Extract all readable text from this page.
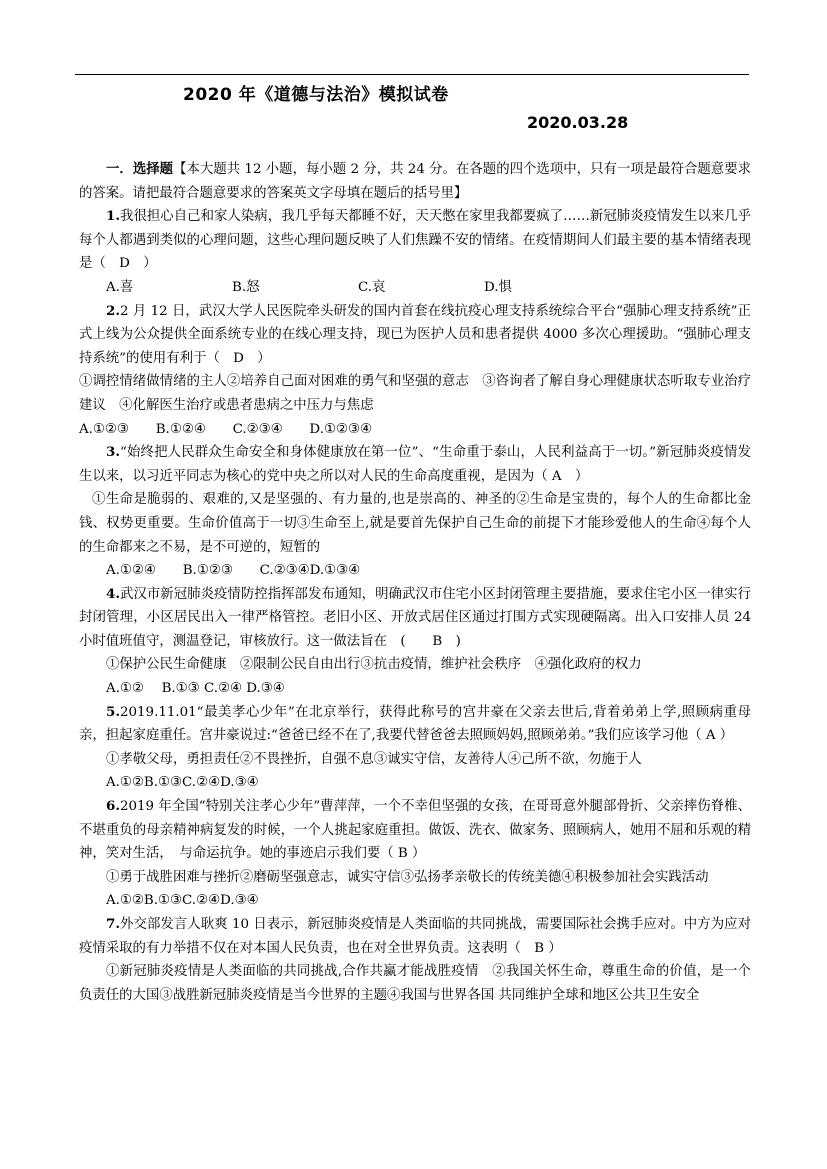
2020 年《道德与法治》模拟试卷
2020.03.28

一．选择题【本大题共 12 小题，每小题 2 分，共 24 分。在各题的四个选项中，只有一项是最符合题意要求的答案。请把最符合题意要求的答案英文字母填在题后的括号里】

1.我很担心自己和家人染病，我几乎每天都睡不好，天天憋在家里我都要疯了……新冠肺炎疫情发生以来几乎每个人都遇到类似的心理问题，这些心理问题反映了人们焦躁不安的情绪。在疫情期间人们最主要的基本情绪表现是（　D　）

A.喜	B.怒	C.哀	D.惧

2.2 月 12 日，武汉大学人民医院牵头研发的国内首套在线抗疫心理支持系统综合平台“强肺心理支持系统”正式上线为公众提供全面系统专业的在线心理支持，现已为医护人员和患者提供 4000 多次心理援助。“强肺心理支持系统”的使用有利于（　D　）

①调控情绪做情绪的主人②培养自己面对困难的勇气和坚强的意志　③咨询者了解自身心理健康状态听取专业治疗建议　④化解医生治疗或患者患病之中压力与焦虑

A.①②③　　B.①②④　　C.②③④　　D.①②③④

3.“始终把人民群众生命安全和身体健康放在第一位”、“生命重于泰山，人民利益高于一切。”新冠肺炎疫情发生以来，以习近平同志为核心的党中央之所以对人民的生命高度重视，是因为（ A　）

①生命是脆弱的、艰难的,又是坚强的、有力量的,也是崇高的、神圣的②生命是宝贵的，每个人的生命都比金钱、权势更重要。生命价值高于一切③生命至上,就是要首先保护自己生命的前提下才能珍爱他人的生命④每个人的生命都来之不易，是不可逆的，短暂的

A.①②④　　B.①②③　　C.②③④D.①③④

4.武汉市新冠肺炎疫情防控指挥部发布通知，明确武汉市住宅小区封闭管理主要措施，要求住宅小区一律实行封闭管理，小区居民出入一律严格管控。老旧小区、开放式居住区通过打围方式实现硬隔离。出入口安排人员 24 小时值班值守，测温登记，审核放行。这一做法旨在　(　　B　)

①保护公民生命健康　②限制公民自由出行③抗击疫情，维护社会秩序　④强化政府的权力

A.①②　 B.①③ C.②④ D.③④

5.2019.11.01“最美孝心少年”在北京举行，获得此称号的宫井豪在父亲去世后,背着弟弟上学,照顾病重母亲，担起家庭重任。宫井豪说过:“爸爸已经不在了,我要代替爸爸去照顾妈妈,照顾弟弟。”我们应该学习他（ A ）

①孝敬父母，勇担责任②不畏挫折，自强不息③诚实守信，友善待人④己所不欲，勿施于人

A.①②B.①③C.②④D.③④

6.2019 年全国“特别关注孝心少年”曹萍萍，一个不幸但坚强的女孩，在哥哥意外腿部骨折、父亲摔伤脊椎、不堪重负的母亲精神病复发的时候，一个人挑起家庭重担。做饭、洗衣、做家务、照顾病人，她用不屈和乐观的精神，笑对生活，　与命运抗争。她的事迹启示我们要（ B ）

①勇于战胜困难与挫折②磨砺坚强意志，诚实守信③弘扬孝亲敬长的传统美德④积极参加社会实践活动

A.①②B.①③C.②④D.③④

7.外交部发言人耿爽 10 日表示，新冠肺炎疫情是人类面临的共同挑战，需要国际社会携手应对。中方为应对疫情采取的有力举措不仅在对本国人民负责，也在对全世界负责。这表明（　B ）

①新冠肺炎疫情是人类面临的共同挑战,合作共赢才能战胜疫情　②我国关怀生命，尊重生命的价值，是一个负责任的大国③战胜新冠肺炎疫情是当今世界的主题④我国与世界各国 共同维护全球和地区公共卫生安全
